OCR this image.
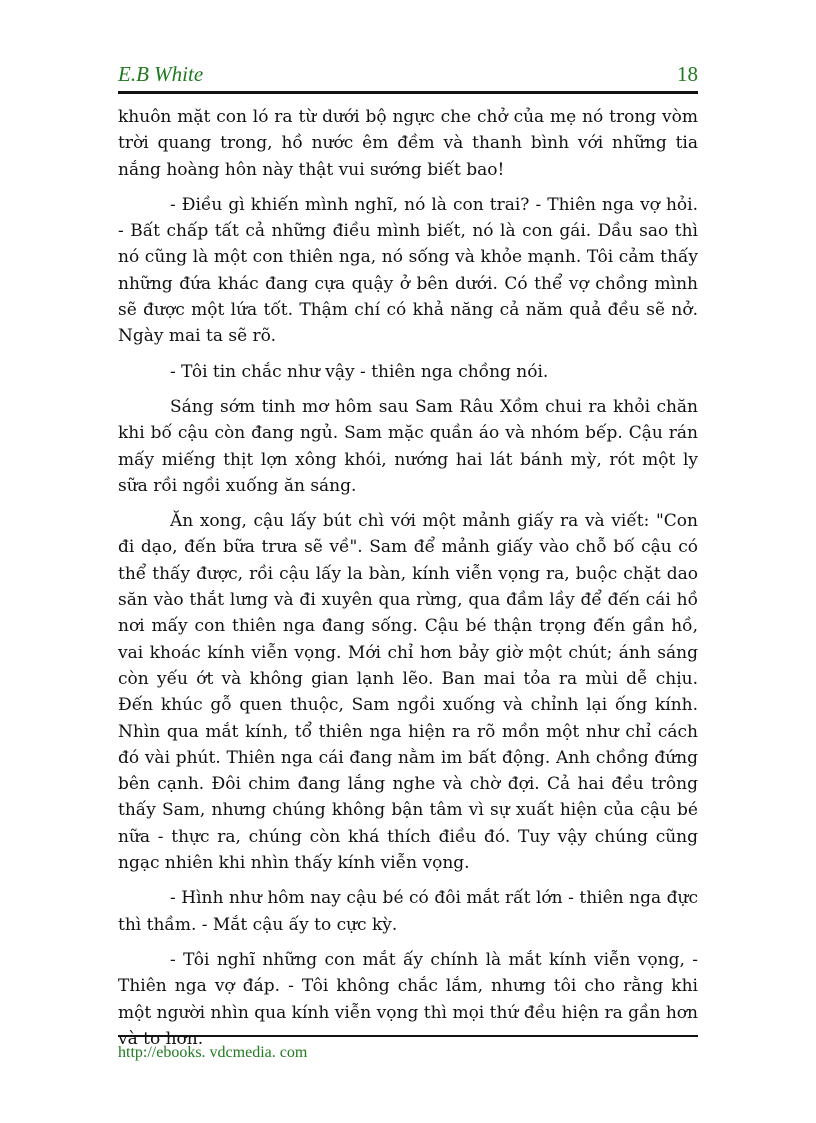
E.B White	18

khuôn mặt con ló ra từ dưới bộ ngực che chở của mẹ nó trong vòm trời quang trong, hồ nước êm đềm và thanh bình với những tia nắng hoàng hôn này thật vui sướng biết bao!

- Điều gì khiến mình nghĩ, nó là con trai? - Thiên nga vợ hỏi. - Bất chấp tất cả những điều mình biết, nó là con gái. Dầu sao thì nó cũng là một con thiên nga, nó sống và khỏe mạnh. Tôi cảm thấy những đứa khác đang cựa quậy ở bên dưới. Có thể vợ chồng mình sẽ được một lứa tốt. Thậm chí có khả năng cả năm quả đều sẽ nở. Ngày mai ta sẽ rõ.

- Tôi tin chắc như vậy - thiên nga chồng nói.

Sáng sớm tinh mơ hôm sau Sam Râu Xồm chui ra khỏi chăn khi bố cậu còn đang ngủ. Sam mặc quần áo và nhóm bếp. Cậu rán mấy miếng thịt lợn xông khói, nướng hai lát bánh mỳ, rót một ly sữa rồi ngồi xuống ăn sáng.

Ăn xong, cậu lấy bút chì với một mảnh giấy ra và viết: "Con đi dạo, đến bữa trưa sẽ về". Sam để mảnh giấy vào chỗ bố cậu có thể thấy được, rồi cậu lấy la bàn, kính viễn vọng ra, buộc chặt dao săn vào thắt lưng và đi xuyên qua rừng, qua đầm lầy để đến cái hồ nơi mấy con thiên nga đang sống. Cậu bé thận trọng đến gần hồ, vai khoác kính viễn vọng. Mới chỉ hơn bảy giờ một chút; ánh sáng còn yếu ớt và không gian lạnh lẽo. Ban mai tỏa ra mùi dễ chịu. Đến khúc gỗ quen thuộc, Sam ngồi xuống và chỉnh lại ống kính. Nhìn qua mắt kính, tổ thiên nga hiện ra rõ mồn một như chỉ cách đó vài phút. Thiên nga cái đang nằm im bất động. Anh chồng đứng bên cạnh. Đôi chim đang lắng nghe và chờ đợi. Cả hai đều trông thấy Sam, nhưng chúng không bận tâm vì sự xuất hiện của cậu bé nữa - thực ra, chúng còn khá thích điều đó. Tuy vậy chúng cũng ngạc nhiên khi nhìn thấy kính viễn vọng.

- Hình như hôm nay cậu bé có đôi mắt rất lớn - thiên nga đực thì thầm. - Mắt cậu ấy to cực kỳ.

- Tôi nghĩ những con mắt ấy chính là mắt kính viễn vọng, - Thiên nga vợ đáp. - Tôi không chắc lắm, nhưng tôi cho rằng khi một người nhìn qua kính viễn vọng thì mọi thứ đều hiện ra gần hơn và to hơn.

http://ebooks. vdcmedia. com
